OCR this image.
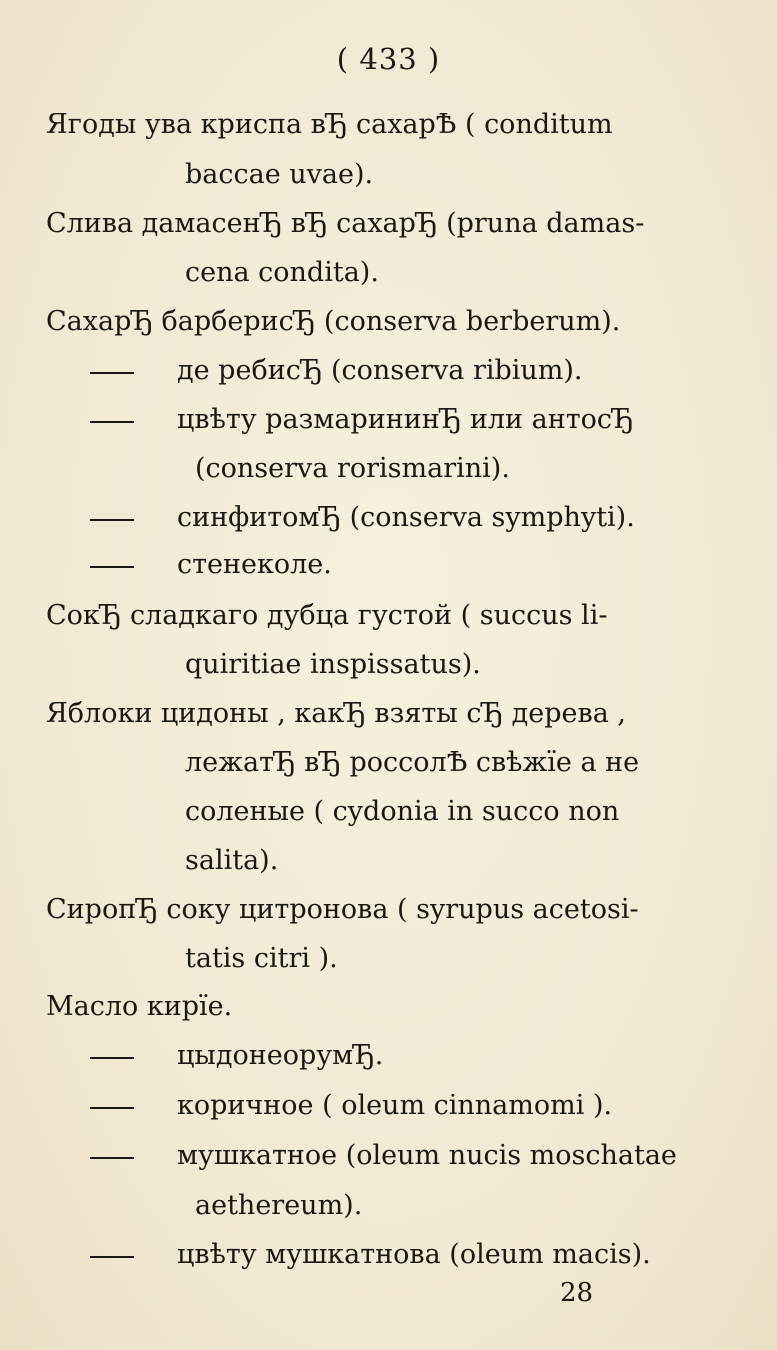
( 433 )
Ягоды ува криспа вЂ сахарѢ ( conditum
baccae uvae).
Слива дамасенЂ вЂ сахарЂ (pruna damas-
cena condita).
СахарЂ барберисЂ (conserva berberum).
де ребисЂ (conserva ribium).
цвѣту размарининЂ или антосЂ
(conserva rorismarini).
синфитомЂ (conserva symphyti).
стенеколе.
СокЂ сладкаго дубца густой ( succus li-
quiritiae inspissatus).
Яблоки цидоны , какЂ взяты сЂ дерева ,
лежатЂ вЂ россолѢ свѣжїе а не
соленые ( cydonia in succo non
salita).
СиропЂ соку цитронова ( syrupus acetosi-
tatis citri ).
Масло кирїе.
цыдонеорумЂ.
коричное ( oleum cinnamomi ).
мушкатное (oleum nucis moschatae
aethereum).
цвѣту мушкатнова (oleum macis).
28
